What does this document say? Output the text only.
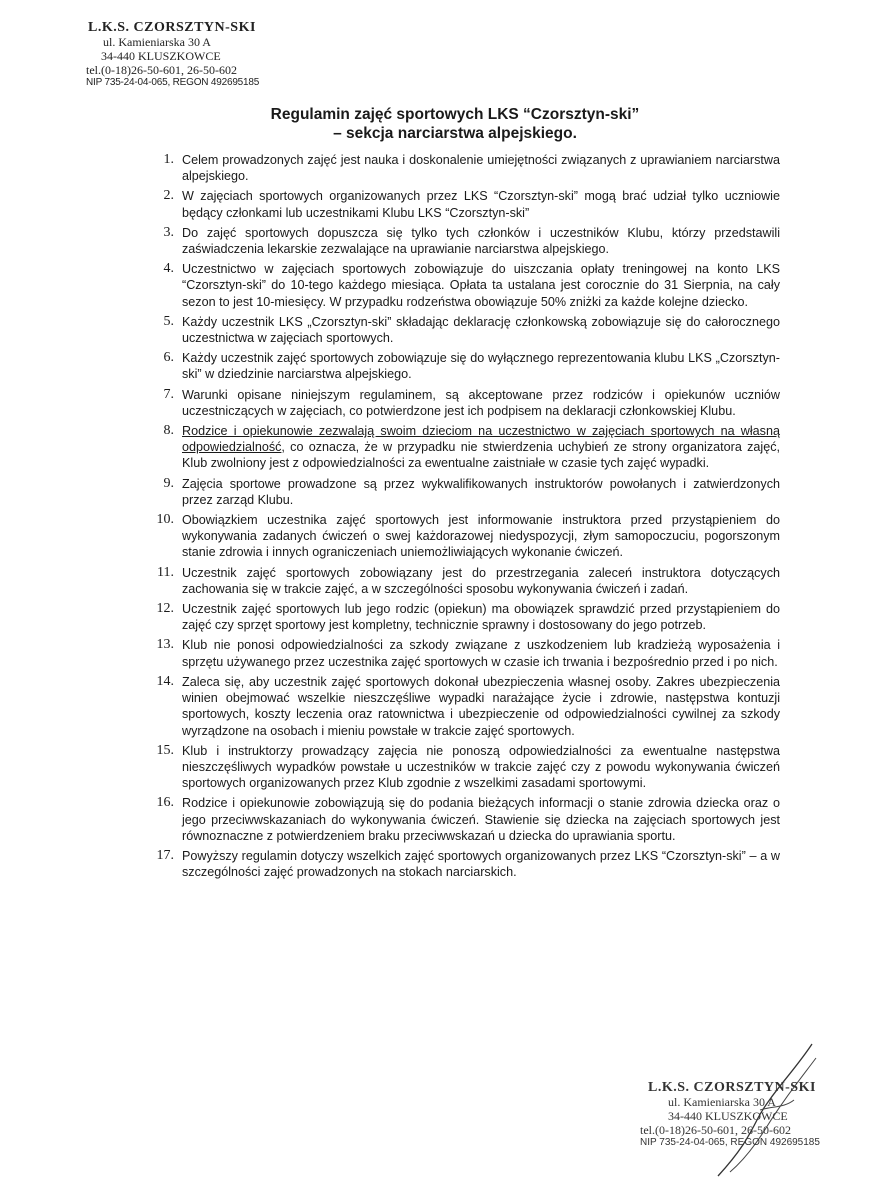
L.K.S. CZORSZTYN-SKI
ul. Kamieniarska 30 A
34-440 KLUSZKOWCE
tel.(0-18)26-50-601, 26-50-602
NIP 735-24-04-065, REGON 492695185
Regulamin zajęć sportowych LKS “Czorsztyn-ski”
– sekcja narciarstwa alpejskiego.
1. Celem prowadzonych zajęć jest nauka i doskonalenie umiejętności związanych z uprawianiem narciarstwa alpejskiego.
2. W zajęciach sportowych organizowanych przez LKS “Czorsztyn-ski” mogą brać udział tylko uczniowie będący członkami lub uczestnikami Klubu LKS “Czorsztyn-ski”
3. Do zajęć sportowych dopuszcza się tylko tych członków i uczestników Klubu, którzy przedstawili zaświadczenia lekarskie zezwalające na uprawianie narciarstwa alpejskiego.
4. Uczestnictwo w zajęciach sportowych zobowiązuje do uiszczania opłaty treningowej na konto LKS “Czorsztyn-ski” do 10-tego każdego miesiąca. Opłata ta ustalana jest corocznie do 31 Sierpnia, na cały sezon to jest 10-miesięcy. W przypadku rodzeństwa obowiązuje 50% zniżki za każde kolejne dziecko.
5. Każdy uczestnik LKS „Czorsztyn-ski” składając deklarację członkowską zobowiązuje się do całorocznego uczestnictwa w zajęciach sportowych.
6. Każdy uczestnik zajęć sportowych zobowiązuje się do wyłącznego reprezentowania klubu LKS „Czorsztyn-ski” w dziedzinie narciarstwa alpejskiego.
7. Warunki opisane niniejszym regulaminem, są akceptowane przez rodziców i opiekunów uczniów uczestniczących w zajęciach, co potwierdzone jest ich podpisem na deklaracji członkowskiej Klubu.
8. Rodzice i opiekunowie zezwalają swoim dzieciom na uczestnictwo w zajęciach sportowych na własną odpowiedzialność, co oznacza, że w przypadku nie stwierdzenia uchybień ze strony organizatora zajęć, Klub zwolniony jest z odpowiedzialności za ewentualne zaistniałe w czasie tych zajęć wypadki.
9. Zajęcia sportowe prowadzone są przez wykwalifikowanych instruktorów powołanych i zatwierdzonych przez zarząd Klubu.
10. Obowiązkiem uczestnika zajęć sportowych jest informowanie instruktora przed przystąpieniem do wykonywania zadanych ćwiczeń o swej każdorazowej niedyspozycji, złym samopoczuciu, pogorszonym stanie zdrowia i innych ograniczeniach uniemożliwiających wykonanie ćwiczeń.
11. Uczestnik zajęć sportowych zobowiązany jest do przestrzegania zaleceń instruktora dotyczących zachowania się w trakcie zajęć, a w szczególności sposobu wykonywania ćwiczeń i zadań.
12. Uczestnik zajęć sportowych lub jego rodzic (opiekun) ma obowiązek sprawdzić przed przystąpieniem do zajęć czy sprzęt sportowy jest kompletny, technicznie sprawny i dostosowany do jego potrzeb.
13. Klub nie ponosi odpowiedzialności za szkody związane z uszkodzeniem lub kradzieżą wyposażenia i sprzętu używanego przez uczestnika zajęć sportowych w czasie ich trwania i bezpośrednio przed i po nich.
14. Zaleca się, aby uczestnik zajęć sportowych dokonał ubezpieczenia własnej osoby. Zakres ubezpieczenia winien obejmować wszelkie nieszczęśliwe wypadki narażające życie i zdrowie, następstwa kontuzji sportowych, koszty leczenia oraz ratownictwa i ubezpieczenie od odpowiedzialności cywilnej za szkody wyrządzone na osobach i mieniu powstałe w trakcie zajęć sportowych.
15. Klub i instruktorzy prowadzący zajęcia nie ponoszą odpowiedzialności za ewentualne następstwa nieszczęśliwych wypadków powstałe u uczestników w trakcie zajęć czy z powodu wykonywania ćwiczeń sportowych organizowanych przez Klub zgodnie z wszelkimi zasadami sportowymi.
16. Rodzice i opiekunowie zobowiązują się do podania bieżących informacji o stanie zdrowia dziecka oraz o jego przeciwwskazaniach do wykonywania ćwiczeń. Stawienie się dziecka na zajęciach sportowych jest równoznaczne z potwierdzeniem braku przeciwwskazań u dziecka do uprawiania sportu.
17. Powyższy regulamin dotyczy wszelkich zajęć sportowych organizowanych przez LKS “Czorsztyn-ski” – a w szczególności zajęć prowadzonych na stokach narciarskich.
L.K.S. CZORSZTYN-SKI
ul. Kamieniarska 30 A
34-440 KLUSZKOWCE
tel.(0-18)26-50-601, 26-50-602
NIP 735-24-04-065, REGON 492695185
